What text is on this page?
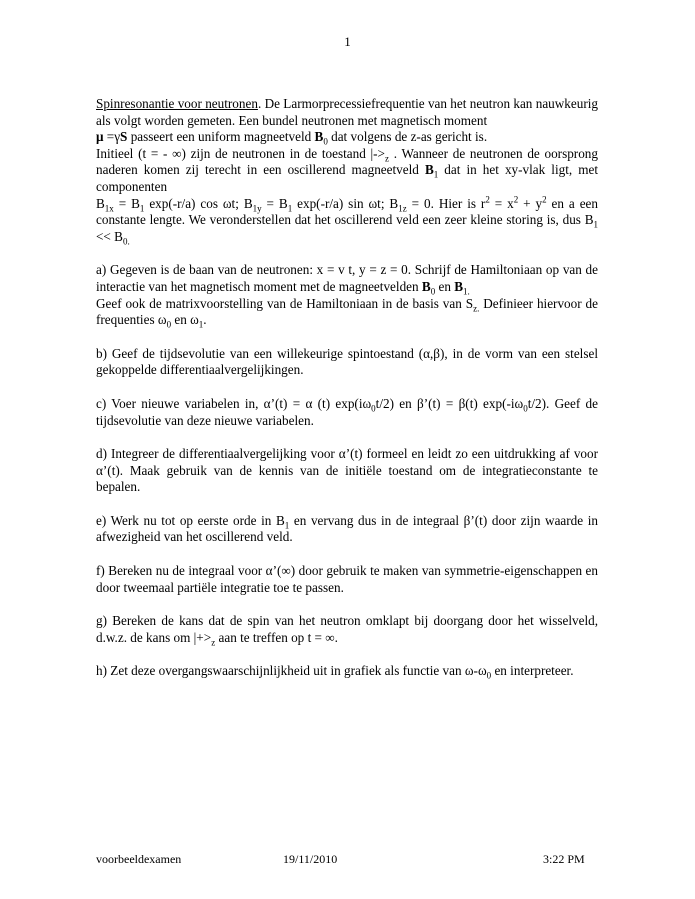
1

Spinresonantie voor neutronen. De Larmorprecessiefrequentie van het neutron kan nauwkeurig als volgt worden gemeten. Een bundel neutronen met magnetisch moment
μ =γS passeert een uniform magneetveld $B_0$ dat volgens de z-as gericht is.
Initieel (t = - ∞) zijn de neutronen in de toestand $|->_z$ . Wanneer de neutronen de oorsprong naderen komen zij terecht in een oscillerend magneetveld $B_1$ dat in het xy-vlak ligt, met componenten
$B_{1x} = B_1$ exp(-r/a) cos ωt; $B_{1y} = B_1$ exp(-r/a) sin ωt; $B_{1z} = 0$. Hier is $r^2 = x^2 + y^2$ en a een constante lengte. We veronderstellen dat het oscillerend veld een zeer kleine storing is, dus $B_1 << B_{0.}$

a) Gegeven is de baan van de neutronen: x = v t, y = z = 0. Schrijf de Hamiltoniaan op van de interactie van het magnetisch moment met de magneetvelden $B_0$ en $B_{1.}$
Geef ook de matrixvoorstelling van de Hamiltoniaan in de basis van $S_{z.}$ Definieer hiervoor de frequenties $\omega_0$ en $\omega_1$.

b) Geef de tijdsevolutie van een willekeurige spintoestand (α,β), in de vorm van een stelsel gekoppelde differentiaalvergelijkingen.

c) Voer nieuwe variabelen in, α’(t) = α (t) $\exp(i\omega_0t/2)$ en β’(t) = β(t) $\exp(-i\omega_0t/2)$. Geef de tijdsevolutie van deze nieuwe variabelen.

d) Integreer de differentiaalvergelijking voor α’(t) formeel en leidt zo een uitdrukking af voor α’(t). Maak gebruik van de kennis van de initiële toestand om de integratieconstante te bepalen.

e) Werk nu tot op eerste orde in $B_1$ en vervang dus in de integraal β’(t) door zijn waarde in afwezigheid van het oscillerend veld.

f) Bereken nu de integraal voor α’(∞) door gebruik te maken van symmetrie-eigenschappen en door tweemaal partiële integratie toe te passen.

g) Bereken de kans dat de spin van het neutron omklapt bij doorgang door het wisselveld, d.w.z. de kans om $|+>_z$ aan te treffen op t = ∞.

h) Zet deze overgangswaarschijnlijkheid uit in grafiek als functie van $\omega-\omega_0$ en interpreteer.

voorbeeldexamen	19/11/2010	3:22 PM
